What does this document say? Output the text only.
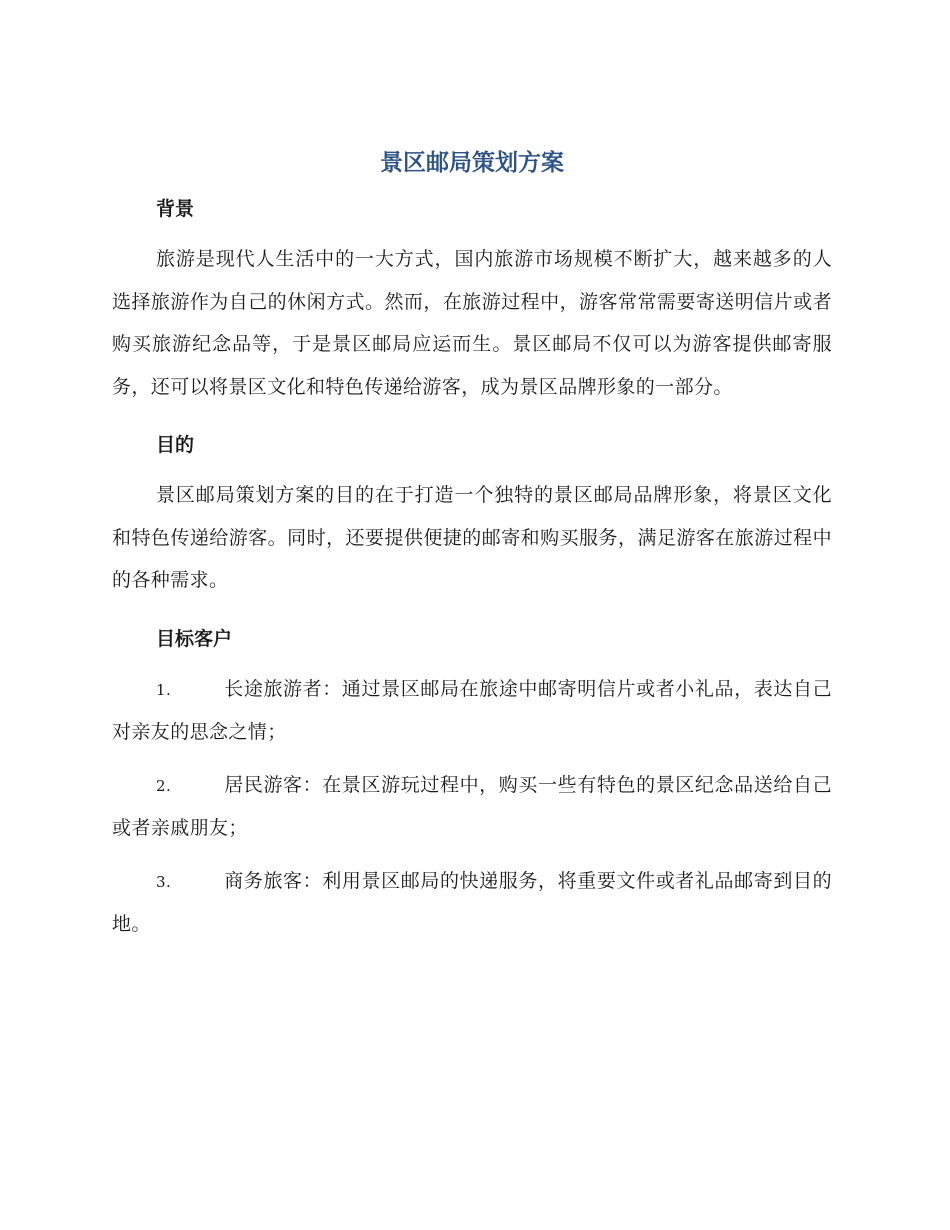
景区邮局策划方案
背景

旅游是现代人生活中的一大方式，国内旅游市场规模不断扩大，越来越多的人选择旅游作为自己的休闲方式。然而，在旅游过程中，游客常常需要寄送明信片或者购买旅游纪念品等，于是景区邮局应运而生。景区邮局不仅可以为游客提供邮寄服务，还可以将景区文化和特色传递给游客，成为景区品牌形象的一部分。

目的

景区邮局策划方案的目的在于打造一个独特的景区邮局品牌形象，将景区文化和特色传递给游客。同时，还要提供便捷的邮寄和购买服务，满足游客在旅游过程中的各种需求。

目标客户
1.	长途旅游者：通过景区邮局在旅途中邮寄明信片或者小礼品，表达自己对亲友的思念之情；
2.	居民游客：在景区游玩过程中，购买一些有特色的景区纪念品送给自己或者亲戚朋友；
3.	商务旅客：利用景区邮局的快递服务，将重要文件或者礼品邮寄到目的地。
